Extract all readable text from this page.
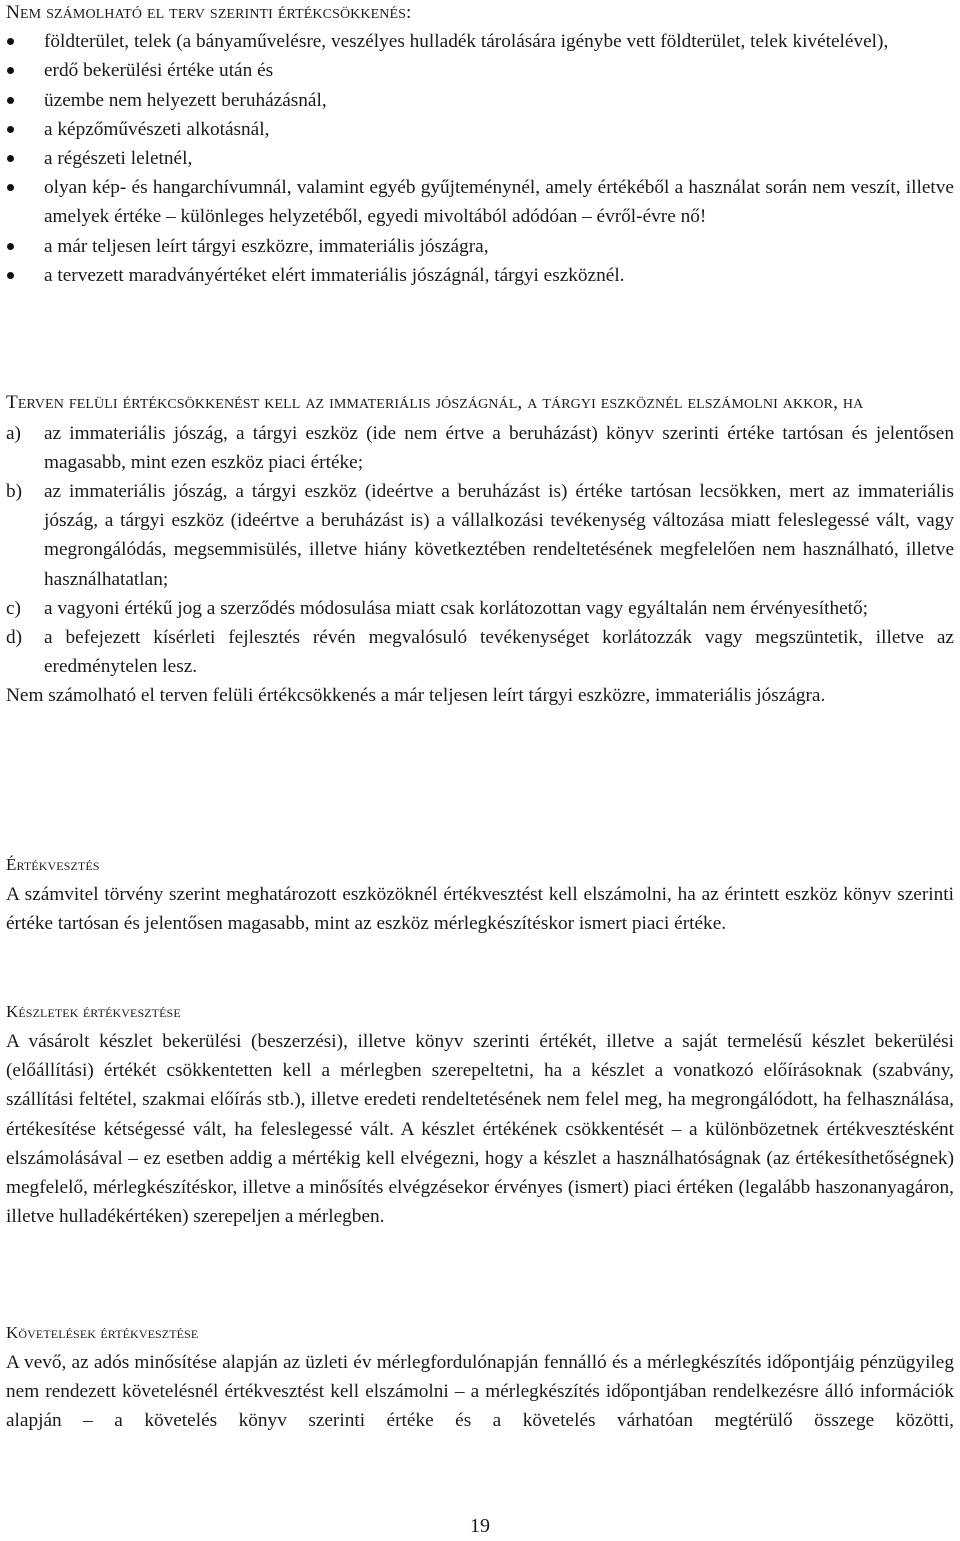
Nem számolható el terv szerinti értékcsökkenés:
földterület, telek (a bányaművelésre, veszélyes hulladék tárolására igénybe vett földterület, telek kivételével),
erdő bekerülési értéke után és
üzembe nem helyezett beruházásnál,
a képzőművészeti alkotásnál,
a régészeti leletnél,
olyan kép- és hangarchívumnál, valamint egyéb gyűjteménynél, amely értékéből a használat során nem veszít, illetve amelyek értéke – különleges helyzetéből, egyedi mivoltából adódóan – évről-évre nő!
a már teljesen leírt tárgyi eszközre, immateriális jószágra,
a tervezett maradványértéket elért immateriális jószágnál, tárgyi eszköznél.
Terven felüli értékcsökkenést kell az immateriális jószágnál, a tárgyi eszköznél elszámolni akkor, ha
a) az immateriális jószág, a tárgyi eszköz (ide nem értve a beruházást) könyv szerinti értéke tartósan és jelentősen magasabb, mint ezen eszköz piaci értéke;
b) az immateriális jószág, a tárgyi eszköz (ideértve a beruházást is) értéke tartósan lecsökken, mert az immateriális jószág, a tárgyi eszköz (ideértve a beruházást is) a vállalkozási tevékenység változása miatt feleslegessé vált, vagy megrongálódás, megsemmisülés, illetve hiány következtében rendeltetésének megfelelően nem használható, illetve használhatatlan;
c) a vagyoni értékű jog a szerződés módosulása miatt csak korlátozottan vagy egyáltalán nem érvényesíthető;
d) a befejezett kísérleti fejlesztés révén megvalósuló tevékenységet korlátozzák vagy megszüntetik, illetve az eredménytelen lesz.
Nem számolható el terven felüli értékcsökkenés a már teljesen leírt tárgyi eszközre, immateriális jószágra.
Értékvesztés
A számvitel törvény szerint meghatározott eszközöknél értékvesztést kell elszámolni, ha az érintett eszköz könyv szerinti értéke tartósan és jelentősen magasabb, mint az eszköz mérlegkészítéskor ismert piaci értéke.
Készletek értékvesztése
A vásárolt készlet bekerülési (beszerzési), illetve könyv szerinti értékét, illetve a saját termelésű készlet bekerülési (előállítási) értékét csökkentetten kell a mérlegben szerepeltetni, ha a készlet a vonatkozó előírásoknak (szabvány, szállítási feltétel, szakmai előírás stb.), illetve eredeti rendeltetésének nem felel meg, ha megrongálódott, ha felhasználása, értékesítése kétségessé vált, ha feleslegessé vált. A készlet értékének csökkentését – a különbözetnek értékvesztésként elszámolásával – ez esetben addig a mértékig kell elvégezni, hogy a készlet a használhatóságnak (az értékesíthetőségnek) megfelelő, mérlegkészítéskor, illetve a minősítés elvégzésekor érvényes (ismert) piaci értéken (legalább haszonanyagáron, illetve hulladékértéken) szerepeljen a mérlegben.
Követelések értékvesztése
A vevő, az adós minősítése alapján az üzleti év mérlegfordulónapján fennálló és a mérlegkészítés időpontjáig pénzügyileg nem rendezett követelésnél értékvesztést kell elszámolni – a mérlegkészítés időpontjában rendelkezésre álló információk alapján – a követelés könyv szerinti értéke és a követelés várhatóan megtérülő összege közötti,
19
